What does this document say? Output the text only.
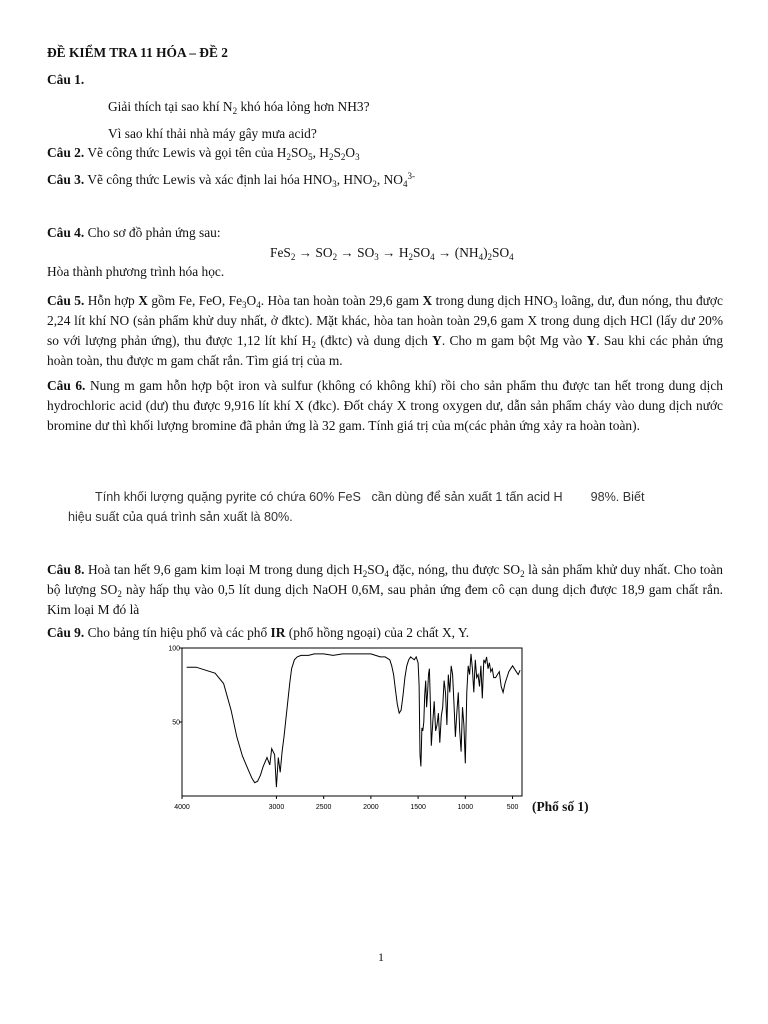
ĐỀ KIỂM TRA 11 HÓA – ĐỀ 2
Câu 1.
Giải thích tại sao khí $N_2$ khó hóa lỏng hơn NH3?
Vì sao khí thải nhà máy gây mưa acid?
Câu 2. Vẽ công thức Lewis và gọi tên của $H_2SO_5$, $H_2S_2O_3$
Câu 3. Vẽ công thức Lewis và xác định lai hóa $HNO_3$, $HNO_2$, $NO_4^{3-}$
Câu 4. Cho sơ đồ phản ứng sau:
$FeS_2 \to SO_2 \to SO_3 \to H_2SO_4 \to (NH_4)_2SO_4$
Hòa thành phương trình hóa học.
Câu 5. Hỗn hợp X gồm Fe, FeO, $Fe_3O_4$. Hòa tan hoàn toàn 29,6 gam X trong dung dịch $HNO_3$ loãng, dư, đun nóng, thu được 2,24 lít khí NO (sản phẩm khử duy nhất, ở đktc). Mặt khác, hòa tan hoàn toàn 29,6 gam X trong dung dịch HCl (lấy dư 20% so với lượng phản ứng), thu được 1,12 lít khí $H_2$ (đktc) và dung dịch Y. Cho m gam bột Mg vào Y. Sau khi các phản ứng hoàn toàn, thu được m gam chất rắn. Tìm giá trị của m.
Câu 6. Nung m gam hỗn hợp bột iron và sulfur (không có không khí) rồi cho sản phẩm thu được tan hết trong dung dịch hydrochloric acid (dư) thu được 9,916 lít khí X (đkc). Đốt cháy X trong oxygen dư, dẫn sản phẩm cháy vào dung dịch nước bromine dư thì khối lượng bromine đã phản ứng là 32 gam. Tính giá trị của m(các phản ứng xảy ra hoàn toàn).
Tính khối lượng quặng pyrite có chứa 60% FeS   cần dùng để sản xuất 1 tấn acid H        98%. Biết
hiệu suất của quá trình sản xuất là 80%.
Câu 8. Hoà tan hết 9,6 gam kim loại M trong dung dịch $H_2SO_4$ đặc, nóng, thu được $SO_2$ là sản phẩm khử duy nhất. Cho toàn bộ lượng $SO_2$ này hấp thụ vào 0,5 lít dung dịch NaOH 0,6M, sau phản ứng đem cô cạn dung dịch được 18,9 gam chất rắn. Kim loại M đó là
Câu 9. Cho bảng tín hiệu phổ và các phổ IR (phổ hồng ngoại) của 2 chất X, Y.
4000	3000	2500	2000	1500	1000	500
100
50
(Phổ số 1)
1
